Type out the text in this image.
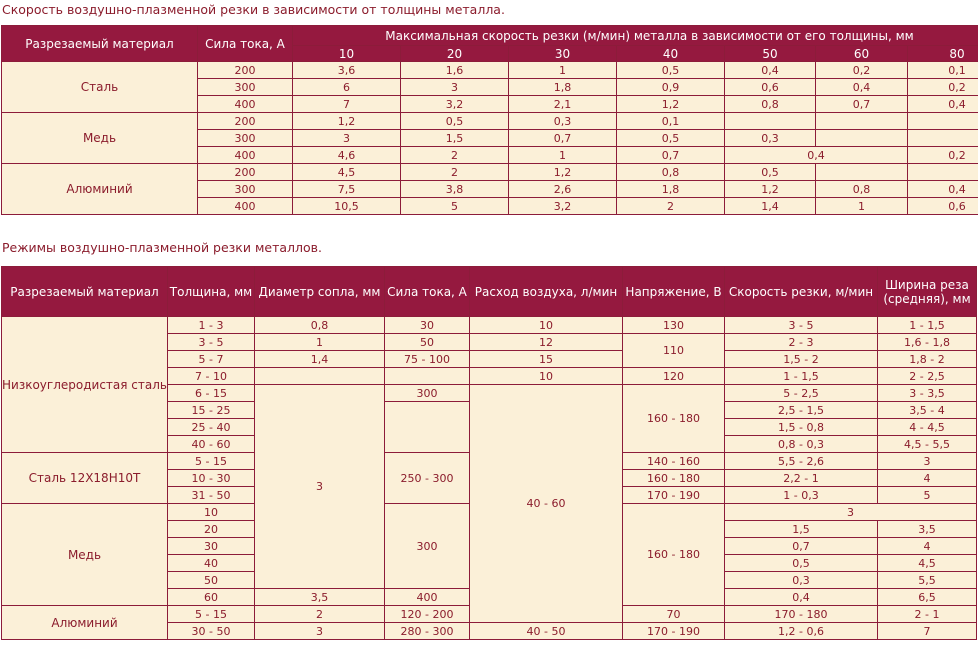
Скорость воздушно-плазменной резки в зависимости от толщины металла.
Разрезаемый материал	Сила тока, А	Максимальная скорость резки (м/мин) металла в зависимости от его толщины, мм						
		10	20	30	40	50	60	80
Сталь	200	3,6	1,6	1	0,5	0,4	0,2	0,1
	300	6	3	1,8	0,9	0,6	0,4	0,2
	400	7	3,2	2,1	1,2	0,8	0,7	0,4
Медь	200	1,2	0,5	0,3	0,1			
	300	3	1,5	0,7	0,5	0,3		
	400	4,6	2	1	0,7	0,4		0,2
Алюминий	200	4,5	2	1,2	0,8	0,5		
	300	7,5	3,8	2,6	1,8	1,2	0,8	0,4
	400	10,5	5	3,2	2	1,4	1	0,6
Режимы воздушно-плазменной резки металлов.
Разрезаемый материал	Толщина, мм	Диаметр сопла, мм	Сила тока, А	Расход воздуха, л/мин	Напряжение, В	Скорость резки, м/мин	Ширина реза (средняя), мм	
Низкоуглеродистая сталь	1 - 3	0,8	30	10	130	3 - 5	1 - 1,5	
	3 - 5	1	50	12	110	2 - 3	1,6 - 1,8	
	5 - 7	1,4	75 - 100	15		1,5 - 2	1,8 - 2	
	7 - 10			10	120	1 - 1,5	2 - 2,5	
	6 - 15	3	300	40 - 60	160 - 180	5 - 2,5	3 - 3,5	
	15 - 25					2,5 - 1,5	3,5 - 4	
	25 - 40					1,5 - 0,8	4 - 4,5	
	40 - 60					0,8 - 0,3	4,5 - 5,5	
Сталь 12Х18Н10Т	5 - 15		250 - 300		140 - 160	5,5 - 2,6	3	
	10 - 30				160 - 180	2,2 - 1	4	
	31 - 50				170 - 190	1 - 0,3	5	
Медь	10		300		160 - 180	3		
	20					1,5	3,5	
	30					0,7	4	
	40					0,5	4,5	
	50					0,3	5,5	
	60	3,5	400			0,4	6,5	
Алюминий	5 - 15	2	120 - 200		70	170 - 180	2 - 1	
	30 - 50	3	280 - 300	40 - 50	170 - 190	1,2 - 0,6	7	
